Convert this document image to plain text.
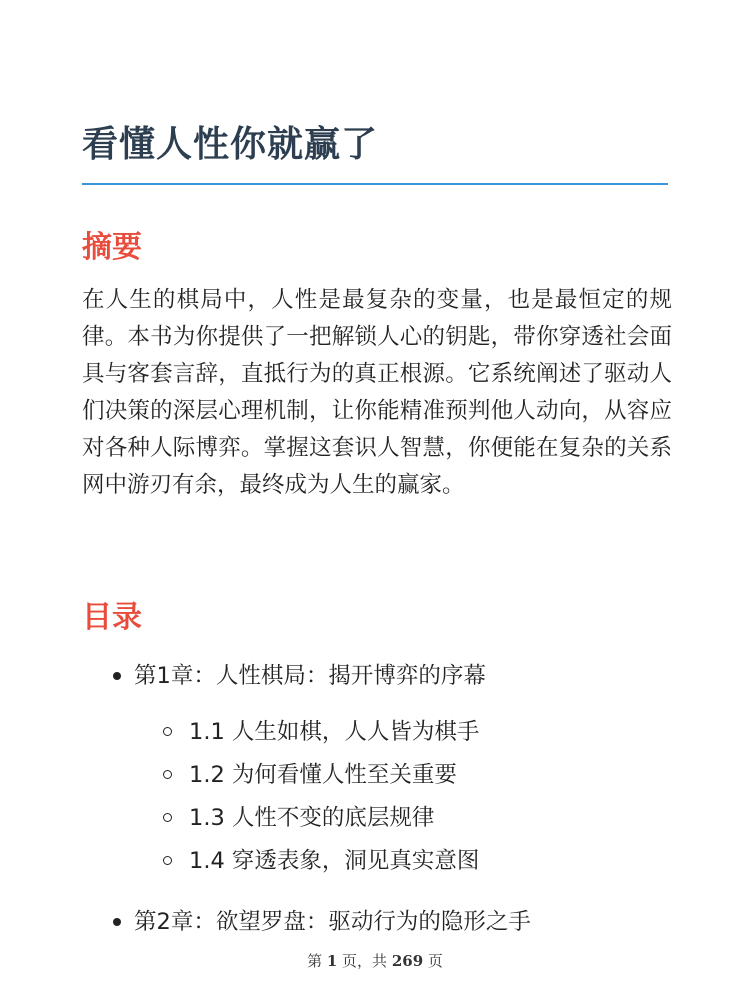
看懂人性你就赢了
摘要

在人生的棋局中，人性是最复杂的变量，也是最恒定的规律。本书为你提供了一把解锁人心的钥匙，带你穿透社会面具与客套言辞，直抵行为的真正根源。它系统阐述了驱动人们决策的深层心理机制，让你能精准预判他人动向，从容应对各种人际博弈。掌握这套识人智慧，你便能在复杂的关系网中游刃有余，最终成为人生的赢家。

目录
第1章：人性棋局：揭开博弈的序幕
1.1 人生如棋，人人皆为棋手
1.2 为何看懂人性至关重要
1.3 人性不变的底层规律
1.4 穿透表象，洞见真实意图
第2章：欲望罗盘：驱动行为的隐形之手
第 1 页，共 269 页
